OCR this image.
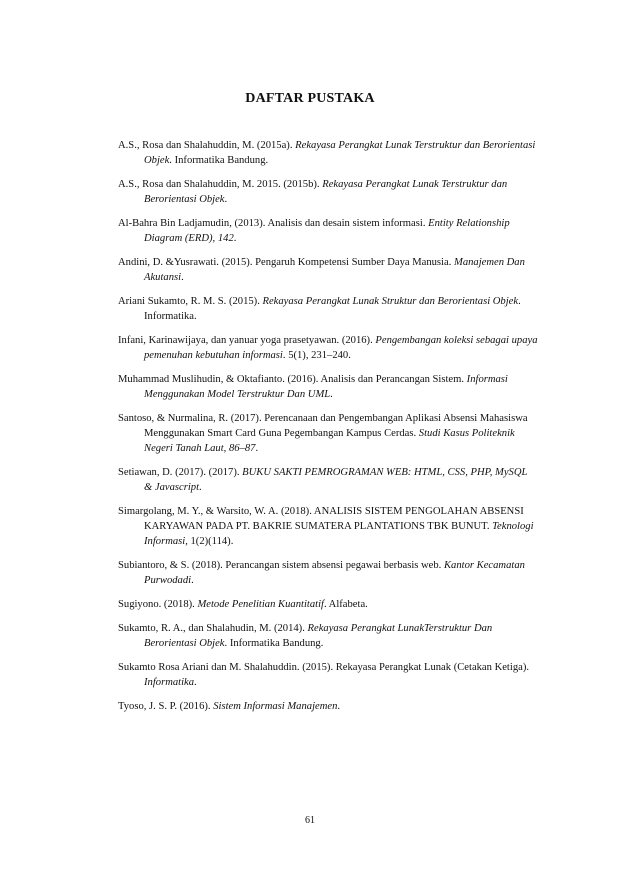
DAFTAR PUSTAKA

A.S., Rosa dan Shalahuddin, M. (2015a). Rekayasa Perangkat Lunak Terstruktur dan Berorientasi Objek. Informatika Bandung.

A.S., Rosa dan Shalahuddin, M. 2015. (2015b). Rekayasa Perangkat Lunak Terstruktur dan Berorientasi Objek.

Al-Bahra Bin Ladjamudin, (2013). Analisis dan desain sistem informasi. Entity Relationship Diagram (ERD), 142.

Andini, D. &Yusrawati. (2015). Pengaruh Kompetensi Sumber Daya Manusia. Manajemen Dan Akutansi.

Ariani Sukamto, R. M. S. (2015). Rekayasa Perangkat Lunak Struktur dan Berorientasi Objek. Informatika.

Infani, Karinawijaya, dan yanuar yoga prasetyawan. (2016). Pengembangan koleksi sebagai upaya pemenuhan kebutuhan informasi. 5(1), 231–240.

Muhammad Muslihudin, & Oktafianto. (2016). Analisis dan Perancangan Sistem. Informasi Menggunakan Model Terstruktur Dan UML.

Santoso, & Nurmalina, R. (2017). Perencanaan dan Pengembangan Aplikasi Absensi Mahasiswa Menggunakan Smart Card Guna Pegembangan Kampus Cerdas. Studi Kasus Politeknik Negeri Tanah Laut, 86–87.

Setiawan, D. (2017). (2017). BUKU SAKTI PEMROGRAMAN WEB: HTML, CSS, PHP, MySQL & Javascript.

Simargolang, M. Y., & Warsito, W. A. (2018). ANALISIS SISTEM PENGOLAHAN ABSENSI KARYAWAN PADA PT. BAKRIE SUMATERA PLANTATIONS TBK BUNUT. Teknologi Informasi, 1(2)(114).

Subiantoro, & S. (2018). Perancangan sistem absensi pegawai berbasis web. Kantor Kecamatan Purwodadi.

Sugiyono. (2018). Metode Penelitian Kuantitatif. Alfabeta.

Sukamto, R. A., dan Shalahudin, M. (2014). Rekayasa Perangkat LunakTerstruktur Dan Berorientasi Objek. Informatika Bandung.

Sukamto Rosa Ariani dan M. Shalahuddin. (2015). Rekayasa Perangkat Lunak (Cetakan Ketiga). Informatika.

Tyoso, J. S. P. (2016). Sistem Informasi Manajemen.

61
